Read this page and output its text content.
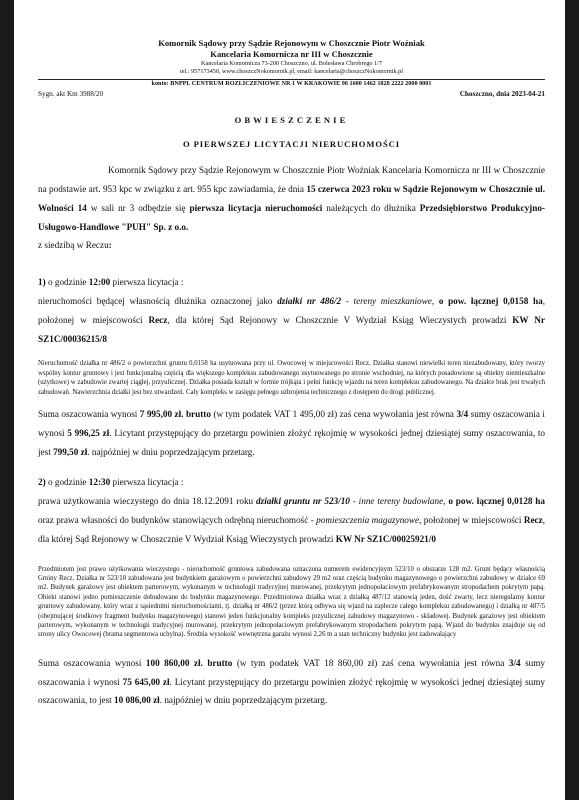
Komornik Sądowy przy Sądzie Rejonowym w Choszcznie Piotr Woźniak
Kancelaria Komornicza nr III w Choszcznie
Kancelaria Komornicza 73-200 Choszczno, ul. Bolesława Chrobrego 1/7
tel.: 957173450, www.choszczNokomornik.pl, email: kancelaria@choszczNokomornik.pl
konto: BNPPL CENTRUM ROZLICZENIOWE NR 1 W KRAKOWIE 96 1600 1462 1828 2222 2000 0001
Sygn. akt Km 3988/20	Choszczno, dnia 2023-04-21
OBWIESZCZENIE
O PIERWSZEJ LICYTACJI NIERUCHOMOŚCI

Komornik Sądowy przy Sądzie Rejonowym w Choszcznie Piotr Woźniak Kancelaria Komornicza nr III w Choszcznie na podstawie art. 953 kpc w związku z art. 955 kpc zawiadamia, że dnia 15 czerwca 2023 roku w Sądzie Rejonowym w Choszcznie ul. Wolności 14 w sali nr 3 odbędzie się pierwsza licytacja nieruchomości należących do dłużnika Przedsiębiorstwo Produkcyjno-Usługowo-Handlowe "PUH" Sp. z o.o.
z siedzibą w Reczu:

1) o godzinie 12:00 pierwsza licytacja :
nieruchomości będącej własnością dłużnika oznaczonej jako działki nr 486/2 - tereny mieszkaniowe, o pow. łącznej 0,0158 ha, położonej w miejscowości Recz, dla której Sąd Rejonowy w Choszcznie V Wydział Ksiąg Wieczystych prowadzi KW Nr SZ1C/00036215/8
Nieruchomość działka nr 486/2 o powierzchni gruntu 0,0158 ha usytuowana przy ul. Owocowej w miejscowości Recz. Działka stanowi niewielki teren niezabudowany, który tworzy wspólny kontur gruntowy i jest funkcjonalną częścią dla większego kompleksu zabudowanego usytuowanego po stronie wschodniej, na których posadowione są obiekty niemieszkalne (użytkowe) w zabudowie zwartej ciągłej, przyulicznej. Działka posiada kształt w formie trójkąta i pełni funkcję wjazdu na teren kompleksu zabudowanego. Na działce brak jest trwałych zabudowań. Nawierzchnia działki jest bez utwardzeń. Cały kompleks w zasięgu pełnego uzbrojenia technicznego z dostępem do drogi publicznej.
Suma oszacowania wynosi 7 995,00 zł. brutto (w tym podatek VAT 1 495,00 zł) zaś cena wywołania jest równa 3/4 sumy oszacowania i wynosi 5 996,25 zł. Licytant przystępujący do przetargu powinien złożyć rękojmię w wysokości jednej dziesiątej sumy oszacowania, to jest 799,50 zł. najpóźniej w dniu poprzedzającym przetarg.
2) o godzinie 12:30 pierwsza licytacja :
prawa użytkowania wieczystego do dnia 18.12.2091 roku działki gruntu nr 523/10 - inne tereny budowlane, o pow. łącznej 0,0128 ha oraz prawa własności do budynków stanowiących odrębną nieruchomość - pomieszczenia magazynowe, położonej w miejscowości Recz, dla której Sąd Rejonowy w Choszcznie V Wydział Ksiąg Wieczystych prowadzi KW Nr SZ1C/00025921/0
Przedmiotem jest prawo użytkowania wieczystego - nieruchomość gruntowa zabudowana oznaczona numerem ewidencyjnym 523/10 o obszarze 128 m2. Grunt będący własnością Gminy Recz. Działka nr 523/10 zabudowana jest budynkiem garażowym o powierzchni zabudowy 29 m2 oraz częścią budynku magazynowego o powierzchni zabudowy w działce 69 m2. Budynek garażowy jest obiektem parterowym, wykonanym w technologii tradycyjnej murowanej, przekrytym jednopołaciowym prefabrykowanym stropodachem pokrytym papą. Obiekt stanowi jedno pomieszczenie dobudowane do budynku magazynowego. Przedmiotowa działka wraz z działką 487/12 stanowią jeden, dość zwarty, lecz nieregularny kontur gruntowy zabudowany, który wraz z sąsiednimi nieruchomościami, tj. działką nr 486/2 (przez którą odbywa się wjazd na zaplecze całego kompleksu zabudowanego) i działką nr 487/5 (obejmującej środkowy fragment budynku magazynowego) stanowi jeden funkcjonalny kompleks przyulicznej zabudowy magazynowo - składowej. Budynek garażowy jest obiektem parterowym, wykonanym w technologii tradycyjnej murowanej, przekrytym jednopołaciowym prefabrykowanym stropodachem pokrytym papą. Wjazd do budynku znajduje się od strony ulicy Owocowej (brama segmentowa uchylna). Średnia wysokość wewnętrzna garażu wynosi 2,26 m a stan techniczny budynku jest zadowalający
Suma oszacowania wynosi 100 860,00 zł. brutto (w tym podatek VAT 18 860,00 zł) zaś cena wywołania jest równa 3/4 sumy oszacowania i wynosi 75 645,00 zł. Licytant przystępujący do przetargu powinien złożyć rękojmię w wysokości jednej dziesiątej sumy oszacowania, to jest 10 086,00 zł. najpóźniej w dniu poprzedzającym przetarg.
